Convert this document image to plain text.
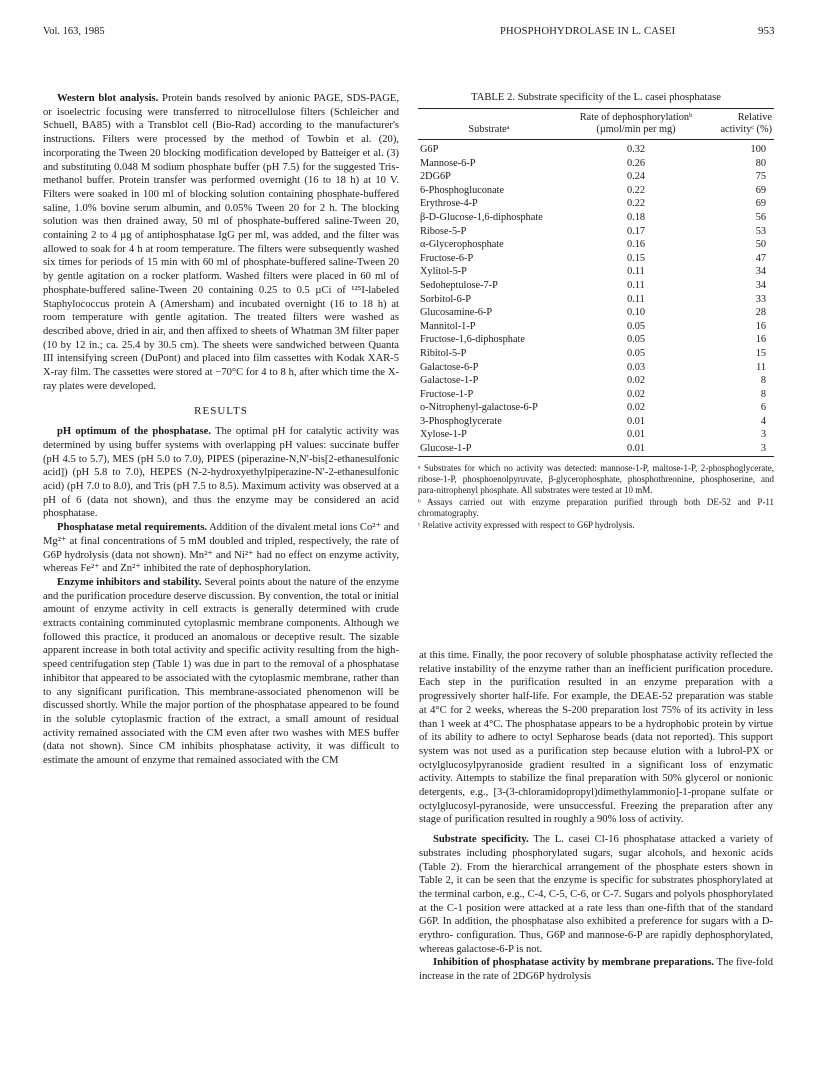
Vol. 163, 1985	PHOSPHOHYDROLASE IN L. CASEI	953

Western blot analysis. Protein bands resolved by anionic PAGE, SDS-PAGE, or isoelectric focusing were transferred to nitrocellulose filters (Schleicher and Schuell, BA85) with a Transblot cell (Bio-Rad) according to the manufacturer's instructions. Filters were processed by the method of Towbin et al. (20), incorporating the Tween 20 blocking modification developed by Batteiger et al. (3) and substituting 0.048 M sodium phosphate buffer (pH 7.5) for the suggested Tris-methanol buffer. Protein transfer was performed overnight (16 to 18 h) at 10 V. Filters were soaked in 100 ml of blocking solution containing phosphate-buffered saline, 1.0% bovine serum albumin, and 0.05% Tween 20 for 2 h. The blocking solution was then drained away, 50 ml of phosphate-buffered saline-Tween 20, containing 2 to 4 µg of antiphosphatase IgG per ml, was added, and the filter was allowed to soak for 4 h at room temperature. The filters were subsequently washed six times for periods of 15 min with 60 ml of phosphate-buffered saline-Tween 20 by gentle agitation on a rocker platform. Washed filters were placed in 60 ml of phosphate-buffered saline-Tween 20 containing 0.25 to 0.5 µCi of ¹²⁵I-labeled Staphylococcus protein A (Amersham) and incubated overnight (16 to 18 h) at room temperature with gentle agitation. The treated filters were washed as described above, dried in air, and then affixed to sheets of Whatman 3M filter paper (10 by 12 in.; ca. 25.4 by 30.5 cm). The sheets were sandwiched between Quanta III intensifying screen (DuPont) and placed into film cassettes with Kodak XAR-5 X-ray film. The cassettes were stored at −70°C for 4 to 8 h, after which time the X-ray plates were developed.

RESULTS

pH optimum of the phosphatase. The optimal pH for catalytic activity was determined by using buffer systems with overlapping pH values: succinate buffer (pH 4.5 to 5.7), MES (pH 5.0 to 7.0), PIPES (piperazine-N,N′-bis[2-ethanesulfonic acid]) (pH 5.8 to 7.0), HEPES (N-2-hydroxyethylpiperazine-N′-2-ethanesulfonic acid) (pH 7.0 to 8.0), and Tris (pH 7.5 to 8.5). Maximum activity was observed at a pH of 6 (data not shown), and thus the enzyme may be considered an acid phosphatase.

Phosphatase metal requirements. Addition of the divalent metal ions Co²⁺ and Mg²⁺ at final concentrations of 5 mM doubled and tripled, respectively, the rate of G6P hydrolysis (data not shown). Mn²⁺ and Ni²⁺ had no effect on enzyme activity, whereas Fe²⁺ and Zn²⁺ inhibited the rate of dephosphorylation.

Enzyme inhibitors and stability. Several points about the nature of the enzyme and the purification procedure deserve discussion. By convention, the total or initial amount of enzyme activity in cell extracts is generally determined with crude extracts containing comminuted cytoplasmic membrane components. Although we followed this practice, it produced an anomalous or deceptive result. The sizable apparent increase in both total activity and specific activity resulting from the high-speed centrifugation step (Table 1) was due in part to the removal of a phosphatase inhibitor that appeared to be associated with the cytoplasmic membrane, rather than to any significant purification. This membrane-associated phenomenon will be discussed shortly. While the major portion of the phosphatase appeared to be found in the soluble cytoplasmic fraction of the extract, a small amount of residual activity remained associated with the CM even after two washes with MES buffer (data not shown). Since CM inhibits phosphatase activity, it was difficult to estimate the amount of enzyme that remained associated with the CM

TABLE 2. Substrate specificity of the L. casei phosphatase
Substrateᵃ	Rate of dephosphorylationᵇ (µmol/min per mg)	Relative activityᶜ (%)
G6P	0.32	100
Mannose-6-P	0.26	80
2DG6P	0.24	75
6-Phosphogluconate	0.22	69
Erythrose-4-P	0.22	69
β-D-Glucose-1,6-diphosphate	0.18	56
Ribose-5-P	0.17	53
α-Glycerophosphate	0.16	50
Fructose-6-P	0.15	47
Xylitol-5-P	0.11	34
Sedoheptulose-7-P	0.11	34
Sorbitol-6-P	0.11	33
Glucosamine-6-P	0.10	28
Mannitol-1-P	0.05	16
Fructose-1,6-diphosphate	0.05	16
Ribitol-5-P	0.05	15
Galactose-6-P	0.03	11
Galactose-1-P	0.02	8
Fructose-1-P	0.02	8
o-Nitrophenyl-galactose-6-P	0.02	6
3-Phosphoglycerate	0.01	4
Xylose-1-P	0.01	3
Glucose-1-P	0.01	3
ᵃ Substrates for which no activity was detected: mannose-1-P, maltose-1-P, 2-phosphoglycerate, ribose-1-P, phosphoenolpyruvate, β-glycerophosphate, phosphothreonine, phosphoserine, and para-nitrophenyl phosphate. All substrates were tested at 10 mM.
ᵇ Assays carried out with enzyme preparation purified through both DE-52 and P-11 chromatography.
ᶜ Relative activity expressed with respect to G6P hydrolysis.

at this time. Finally, the poor recovery of soluble phosphatase activity reflected the relative instability of the enzyme rather than an inefficient purification procedure. Each step in the purification resulted in an enzyme preparation with a progressively shorter half-life. For example, the DEAE-52 preparation was stable at 4°C for 2 weeks, whereas the S-200 preparation lost 75% of its activity in less than 1 week at 4°C. The phosphatase appears to be a hydrophobic protein by virtue of its ability to adhere to octyl Sepharose beads (data not reported). This support system was not used as a purification step because elution with a lubrol-PX or octylglucosylpyranoside gradient resulted in a significant loss of enzymatic activity. Attempts to stabilize the final preparation with 50% glycerol or nonionic detergents, e.g., [3-(3-chloramidopropyl)dimethylammonio]-1-propane sulfate or octylglucosyl-pyranoside, were unsuccessful. Freezing the preparation after any stage of purification resulted in roughly a 90% loss of activity.

Substrate specificity. The L. casei Cl-16 phosphatase attacked a variety of substrates including phosphorylated sugars, sugar alcohols, and hexonic acids (Table 2). From the hierarchical arrangement of the phosphate esters shown in Table 2, it can be seen that the enzyme is specific for substrates phosphorylated at the terminal carbon, e.g., C-4, C-5, C-6, or C-7. Sugars and polyols phosphorylated at the C-1 position were attacked at a rate less than one-fifth that of the standard G6P. In addition, the phosphatase also exhibited a preference for sugars with a D-erythro- configuration. Thus, G6P and mannose-6-P are rapidly dephosphorylated, whereas galactose-6-P is not.

Inhibition of phosphatase activity by membrane preparations. The five-fold increase in the rate of 2DG6P hydrolysis
